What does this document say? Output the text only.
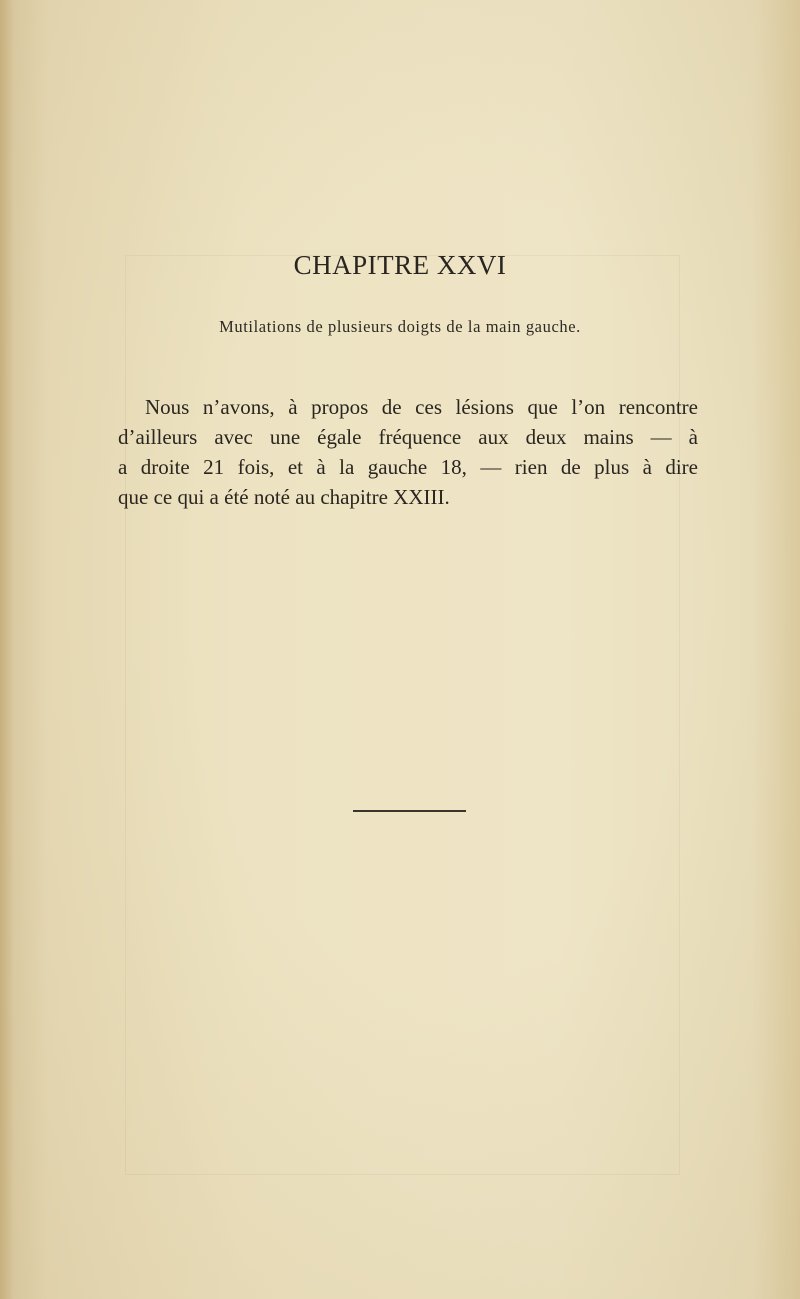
CHAPITRE XXVI
Mutilations de plusieurs doigts de la main gauche.

Nous n’avons, à propos de ces lésions que l’on rencontre
d’ailleurs avec une égale fréquence aux deux mains — à
a droite 21 fois, et à la gauche 18, — rien de plus à dire
que ce qui a été noté au chapitre XXIII.
